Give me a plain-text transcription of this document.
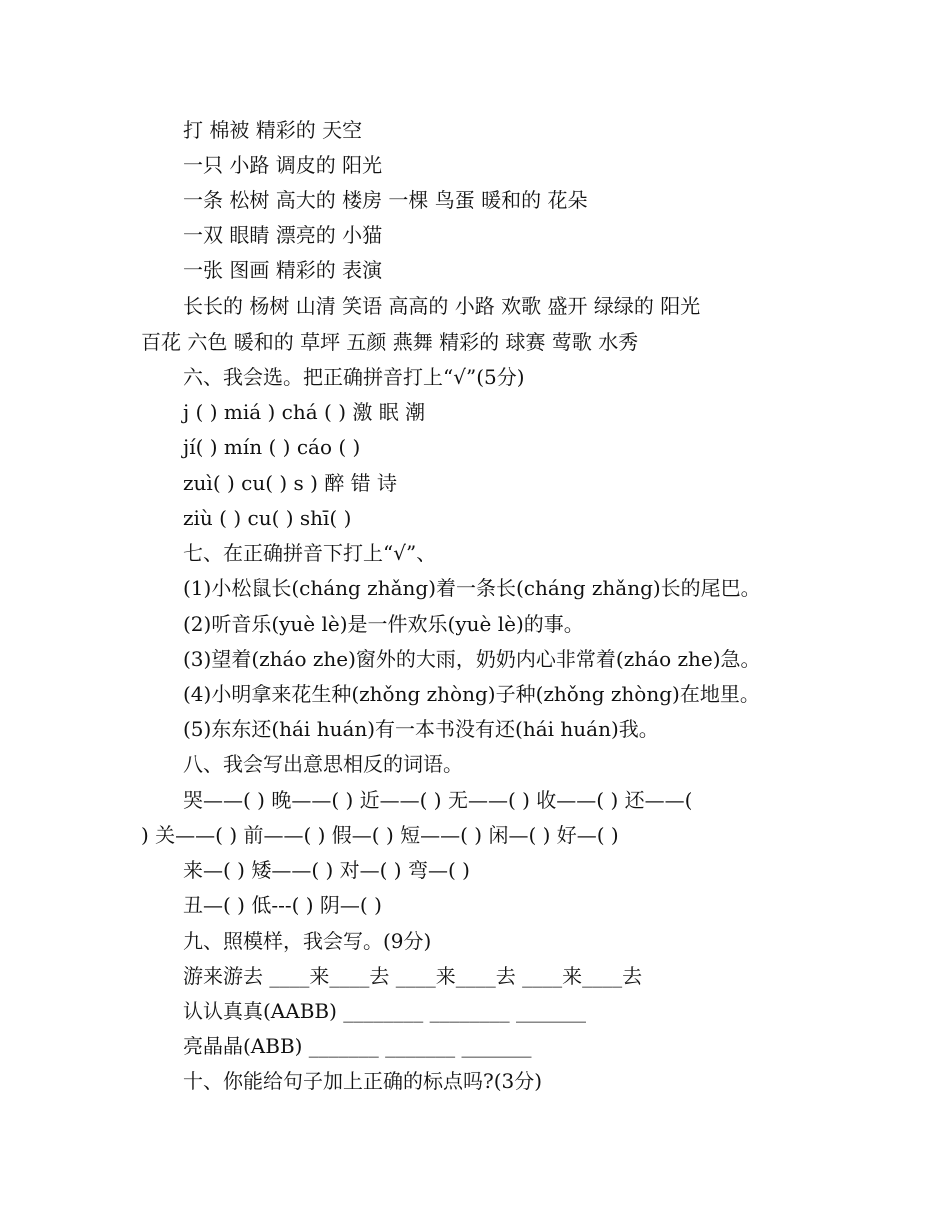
打 棉被 精彩的 天空
一只 小路 调皮的 阳光
一条 松树 高大的 楼房 一棵 鸟蛋 暖和的 花朵
一双 眼睛 漂亮的 小猫
一张 图画 精彩的 表演
长长的 杨树 山清 笑语 高高的 小路 欢歌 盛开 绿绿的 阳光
百花 六色 暖和的 草坪 五颜 燕舞 精彩的 球赛 莺歌 水秀
六、我会选。把正确拼音打上“√”(5分)
j ( ) miá ) chá ( ) 激 眠 潮
jí( ) mín ( ) cáo ( )
zuì( ) cu( ) s ) 醉 错 诗
ziù ( ) cu( ) shī( )
七、在正确拼音下打上“√”、
(1)小松鼠长(cháng zhǎng)着一条长(cháng zhǎng)长的尾巴。
(2)听音乐(yuè lè)是一件欢乐(yuè lè)的事。
(3)望着(zháo zhe)窗外的大雨，奶奶内心非常着(zháo zhe)急。
(4)小明拿来花生种(zhǒng zhòng)子种(zhǒng zhòng)在地里。
(5)东东还(hái huán)有一本书没有还(hái huán)我。
八、我会写出意思相反的词语。
哭——( ) 晚——( ) 近——( ) 无——( ) 收——( ) 还——(
) 关——( ) 前——( ) 假—( ) 短——( ) 闲—( ) 好—( )
来—( ) 矮——( ) 对—( ) 弯—( )
丑—( ) 低---( ) 阴—( )
九、照模样，我会写。(9分)
游来游去 ____来____去 ____来____去 ____来____去
认认真真(AABB) ________ ________ _______
亮晶晶(ABB) _______ _______ _______
十、你能给句子加上正确的标点吗?(3分)
